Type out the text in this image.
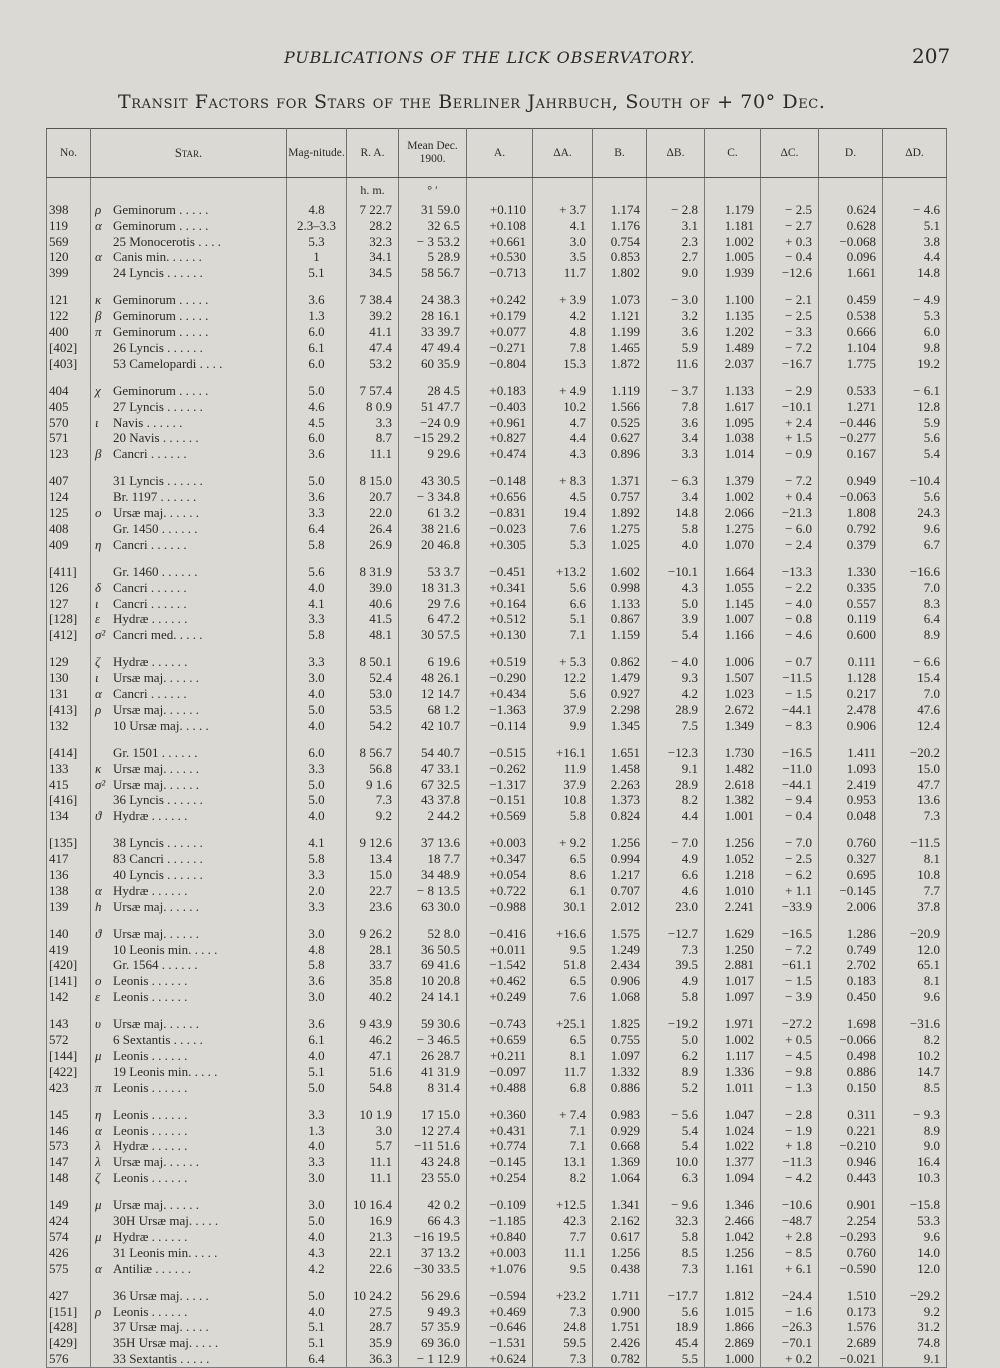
PUBLICATIONS OF THE LICK OBSERVATORY.	207
Transit Factors for Stars of the Berliner Jahrbuch, South of + 70° Dec.
No.	Star.	Mag-nitude.	R. A.	Mean Dec. 1900.	A.	ΔA.	B.	ΔB.	C.	ΔC.	D.	ΔD.
			h. m.	° ′								
398	ρ Geminorum . . . . .	4.8	7 22.7	31 59.0	+0.110	+ 3.7	1.174	− 2.8	1.179	− 2.5	0.624	− 4.6
119	α Geminorum . . . . .	2.3–3.3	28.2	32 6.5	+0.108	4.1	1.176	3.1	1.181	− 2.7	0.628	5.1
569	25 Monocerotis . . . .	5.3	32.3	− 3 53.2	+0.661	3.0	0.754	2.3	1.002	+ 0.3	−0.068	3.8
120	α Canis min. . . . . .	1	34.1	5 28.9	+0.530	3.5	0.853	2.7	1.005	− 0.4	0.096	4.4
399	24 Lyncis . . . . . .	5.1	34.5	58 56.7	−0.713	11.7	1.802	9.0	1.939	−12.6	1.661	14.8

121	κ Geminorum . . . . .	3.6	7 38.4	24 38.3	+0.242	+ 3.9	1.073	− 3.0	1.100	− 2.1	0.459	− 4.9
122	β Geminorum . . . . .	1.3	39.2	28 16.1	+0.179	4.2	1.121	3.2	1.135	− 2.5	0.538	5.3
400	π Geminorum . . . . .	6.0	41.1	33 39.7	+0.077	4.8	1.199	3.6	1.202	− 3.3	0.666	6.0
[402]	26 Lyncis . . . . . .	6.1	47.4	47 49.4	−0.271	7.8	1.465	5.9	1.489	− 7.2	1.104	9.8
[403]	53 Camelopardi . . . .	6.0	53.2	60 35.9	−0.804	15.3	1.872	11.6	2.037	−16.7	1.775	19.2

404	χ Geminorum . . . . .	5.0	7 57.4	28 4.5	+0.183	+ 4.9	1.119	− 3.7	1.133	− 2.9	0.533	− 6.1
405	27 Lyncis . . . . . .	4.6	8 0.9	51 47.7	−0.403	10.2	1.566	7.8	1.617	−10.1	1.271	12.8
570	ι Navis . . . . . .	4.5	3.3	−24 0.9	+0.961	4.7	0.525	3.6	1.095	+ 2.4	−0.446	5.9
571	20 Navis . . . . . .	6.0	8.7	−15 29.2	+0.827	4.4	0.627	3.4	1.038	+ 1.5	−0.277	5.6
123	β Cancri . . . . . .	3.6	11.1	9 29.6	+0.474	4.3	0.896	3.3	1.014	− 0.9	0.167	5.4

407	31 Lyncis . . . . . .	5.0	8 15.0	43 30.5	−0.148	+ 8.3	1.371	− 6.3	1.379	− 7.2	0.949	−10.4
124	Br. 1197 . . . . . .	3.6	20.7	− 3 34.8	+0.656	4.5	0.757	3.4	1.002	+ 0.4	−0.063	5.6
125	ο Ursæ maj. . . . . .	3.3	22.0	61 3.2	−0.831	19.4	1.892	14.8	2.066	−21.3	1.808	24.3
408	Gr. 1450 . . . . . .	6.4	26.4	38 21.6	−0.023	7.6	1.275	5.8	1.275	− 6.0	0.792	9.6
409	η Cancri . . . . . .	5.8	26.9	20 46.8	+0.305	5.3	1.025	4.0	1.070	− 2.4	0.379	6.7

[411]	Gr. 1460 . . . . . .	5.6	8 31.9	53 3.7	−0.451	+13.2	1.602	−10.1	1.664	−13.3	1.330	−16.6
126	δ Cancri . . . . . .	4.0	39.0	18 31.3	+0.341	5.6	0.998	4.3	1.055	− 2.2	0.335	7.0
127	ι Cancri . . . . . .	4.1	40.6	29 7.6	+0.164	6.6	1.133	5.0	1.145	− 4.0	0.557	8.3
[128]	ε Hydræ . . . . . .	3.3	41.5	6 47.2	+0.512	5.1	0.867	3.9	1.007	− 0.8	0.119	6.4
[412]	σ² Cancri med. . . . .	5.8	48.1	30 57.5	+0.130	7.1	1.159	5.4	1.166	− 4.6	0.600	8.9

129	ζ Hydræ . . . . . .	3.3	8 50.1	6 19.6	+0.519	+ 5.3	0.862	− 4.0	1.006	− 0.7	0.111	− 6.6
130	ι Ursæ maj. . . . . .	3.0	52.4	48 26.1	−0.290	12.2	1.479	9.3	1.507	−11.5	1.128	15.4
131	α Cancri . . . . . .	4.0	53.0	12 14.7	+0.434	5.6	0.927	4.2	1.023	− 1.5	0.217	7.0
[413]	ρ Ursæ maj. . . . . .	5.0	53.5	68 1.2	−1.363	37.9	2.298	28.9	2.672	−44.1	2.478	47.6
132	10 Ursæ maj. . . . .	4.0	54.2	42 10.7	−0.114	9.9	1.345	7.5	1.349	− 8.3	0.906	12.4

[414]	Gr. 1501 . . . . . .	6.0	8 56.7	54 40.7	−0.515	+16.1	1.651	−12.3	1.730	−16.5	1.411	−20.2
133	κ Ursæ maj. . . . . .	3.3	56.8	47 33.1	−0.262	11.9	1.458	9.1	1.482	−11.0	1.093	15.0
415	σ² Ursæ maj. . . . . .	5.0	9 1.6	67 32.5	−1.317	37.9	2.263	28.9	2.618	−44.1	2.419	47.7
[416]	36 Lyncis . . . . . .	5.0	7.3	43 37.8	−0.151	10.8	1.373	8.2	1.382	− 9.4	0.953	13.6
134	ϑ Hydræ . . . . . .	4.0	9.2	2 44.2	+0.569	5.8	0.824	4.4	1.001	− 0.4	0.048	7.3

[135]	38 Lyncis . . . . . .	4.1	9 12.6	37 13.6	+0.003	+ 9.2	1.256	− 7.0	1.256	− 7.0	0.760	−11.5
417	83 Cancri . . . . . .	5.8	13.4	18 7.7	+0.347	6.5	0.994	4.9	1.052	− 2.5	0.327	8.1
136	40 Lyncis . . . . . .	3.3	15.0	34 48.9	+0.054	8.6	1.217	6.6	1.218	− 6.2	0.695	10.8
138	α Hydræ . . . . . .	2.0	22.7	− 8 13.5	+0.722	6.1	0.707	4.6	1.010	+ 1.1	−0.145	7.7
139	h Ursæ maj. . . . . .	3.3	23.6	63 30.0	−0.988	30.1	2.012	23.0	2.241	−33.9	2.006	37.8

140	ϑ Ursæ maj. . . . . .	3.0	9 26.2	52 8.0	−0.416	+16.6	1.575	−12.7	1.629	−16.5	1.286	−20.9
419	10 Leonis min. . . . .	4.8	28.1	36 50.5	+0.011	9.5	1.249	7.3	1.250	− 7.2	0.749	12.0
[420]	Gr. 1564 . . . . . .	5.8	33.7	69 41.6	−1.542	51.8	2.434	39.5	2.881	−61.1	2.702	65.1
[141]	ο Leonis . . . . . .	3.6	35.8	10 20.8	+0.462	6.5	0.906	4.9	1.017	− 1.5	0.183	8.1
142	ε Leonis . . . . . .	3.0	40.2	24 14.1	+0.249	7.6	1.068	5.8	1.097	− 3.9	0.450	9.6

143	υ Ursæ maj. . . . . .	3.6	9 43.9	59 30.6	−0.743	+25.1	1.825	−19.2	1.971	−27.2	1.698	−31.6
572	6 Sextantis . . . . .	6.1	46.2	− 3 46.5	+0.659	6.5	0.755	5.0	1.002	+ 0.5	−0.066	8.2
[144]	μ Leonis . . . . . .	4.0	47.1	26 28.7	+0.211	8.1	1.097	6.2	1.117	− 4.5	0.498	10.2
[422]	19 Leonis min. . . . .	5.1	51.6	41 31.9	−0.097	11.7	1.332	8.9	1.336	− 9.8	0.886	14.7
423	π Leonis . . . . . .	5.0	54.8	8 31.4	+0.488	6.8	0.886	5.2	1.011	− 1.3	0.150	8.5

145	η Leonis . . . . . .	3.3	10 1.9	17 15.0	+0.360	+ 7.4	0.983	− 5.6	1.047	− 2.8	0.311	− 9.3
146	α Leonis . . . . . .	1.3	3.0	12 27.4	+0.431	7.1	0.929	5.4	1.024	− 1.9	0.221	8.9
573	λ Hydræ . . . . . .	4.0	5.7	−11 51.6	+0.774	7.1	0.668	5.4	1.022	+ 1.8	−0.210	9.0
147	λ Ursæ maj. . . . . .	3.3	11.1	43 24.8	−0.145	13.1	1.369	10.0	1.377	−11.3	0.946	16.4
148	ζ Leonis . . . . . .	3.0	11.1	23 55.0	+0.254	8.2	1.064	6.3	1.094	− 4.2	0.443	10.3

149	μ Ursæ maj. . . . . .	3.0	10 16.4	42 0.2	−0.109	+12.5	1.341	− 9.6	1.346	−10.6	0.901	−15.8
424	30H Ursæ maj. . . . .	5.0	16.9	66 4.3	−1.185	42.3	2.162	32.3	2.466	−48.7	2.254	53.3
574	μ Hydræ . . . . . .	4.0	21.3	−16 19.5	+0.840	7.7	0.617	5.8	1.042	+ 2.8	−0.293	9.6
426	31 Leonis min. . . . .	4.3	22.1	37 13.2	+0.003	11.1	1.256	8.5	1.256	− 8.5	0.760	14.0
575	α Antiliæ . . . . . .	4.2	22.6	−30 33.5	+1.076	9.5	0.438	7.3	1.161	+ 6.1	−0.590	12.0

427	36 Ursæ maj. . . . .	5.0	10 24.2	56 29.6	−0.594	+23.2	1.711	−17.7	1.812	−24.4	1.510	−29.2
[151]	ρ Leonis . . . . . .	4.0	27.5	9 49.3	+0.469	7.3	0.900	5.6	1.015	− 1.6	0.173	9.2
[428]	37 Ursæ maj. . . . .	5.1	28.7	57 35.9	−0.646	24.8	1.751	18.9	1.866	−26.3	1.576	31.2
[429]	35H Ursæ maj. . . . .	5.1	35.9	69 36.0	−1.531	59.5	2.426	45.4	2.869	−70.1	2.689	74.8
576	33 Sextantis . . . . .	6.4	36.3	− 1 12.9	+0.624	7.3	0.782	5.5	1.000	+ 0.2	−0.021	9.1
